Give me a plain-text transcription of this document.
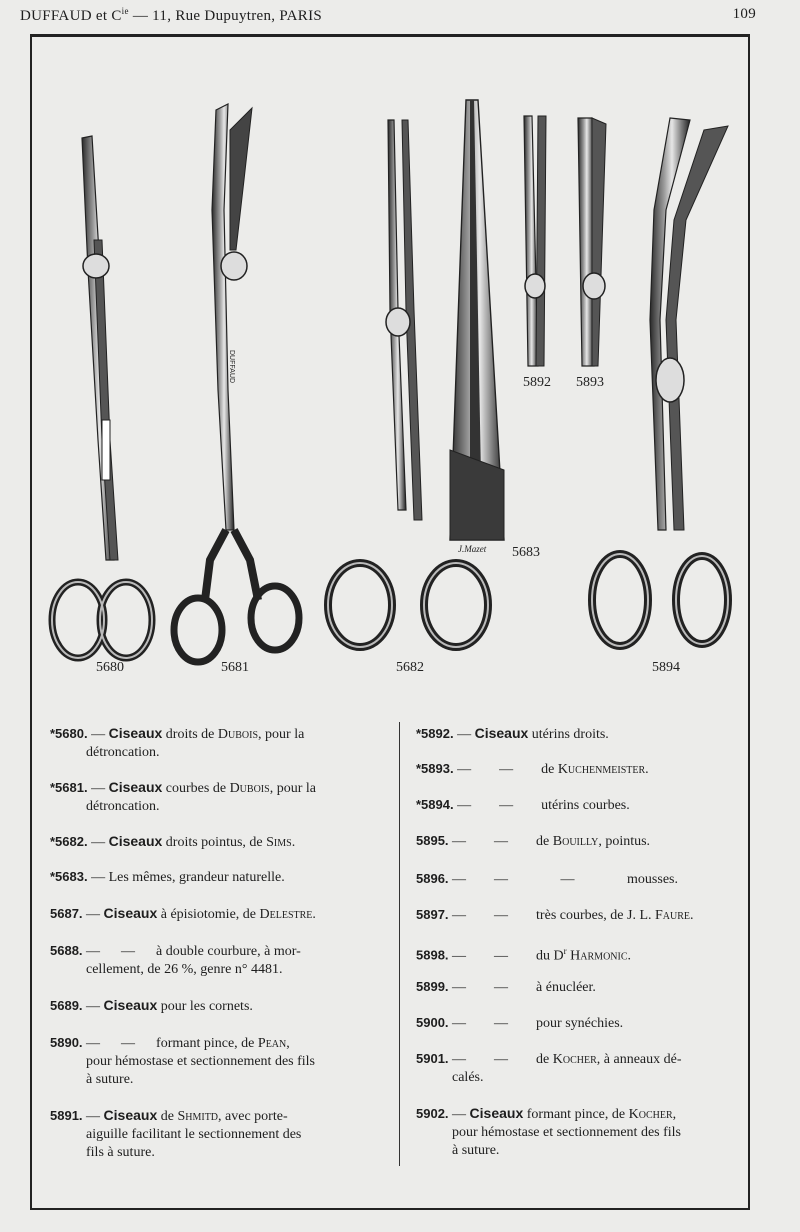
DUFFAUD et $C^{ie}$ — 11, Rue Dupuytren, PARIS	109
DUFFAUD
J.Mazet
5680	5681	5682
5683
5892 5893
5894
*5680. — Ciseaux droits de Dubois, pour la
détroncation.
*5681. — Ciseaux courbes de Dubois, pour la
détroncation.
*5682. — Ciseaux droits pointus, de Sims.
*5683. — Les mêmes, grandeur naturelle.
5687. — Ciseaux à épisiotomie, de Delestre.
5688. —      —      à double courbure, à mor-
cellement, de 26 %, genre n° 4481.
5689. — Ciseaux pour les cornets.
5890. —      —      formant pince, de Pean,
pour hémostase et sectionnement des fils
à suture.
5891. — Ciseaux de Shmitd, avec porte-
aiguille facilitant le sectionnement des
fils à suture.
*5892. — Ciseaux utérins droits.
*5893. —        —        de Kuchenmeister.
*5894. —        —        utérins courbes.
5895. —        —        de Bouilly, pointus.
5896. —        —               —               mousses.
5897. —        —        très courbes, de J. L. Faure.
5898. —        —        du $D^r$ Harmonic.
5899. —        —        à énucléer.
5900. —        —        pour synéchies.
5901. —        —        de Kocher, à anneaux dé-
calés.
5902. — Ciseaux formant pince, de Kocher,
pour hémostase et sectionnement des fils
à suture.
